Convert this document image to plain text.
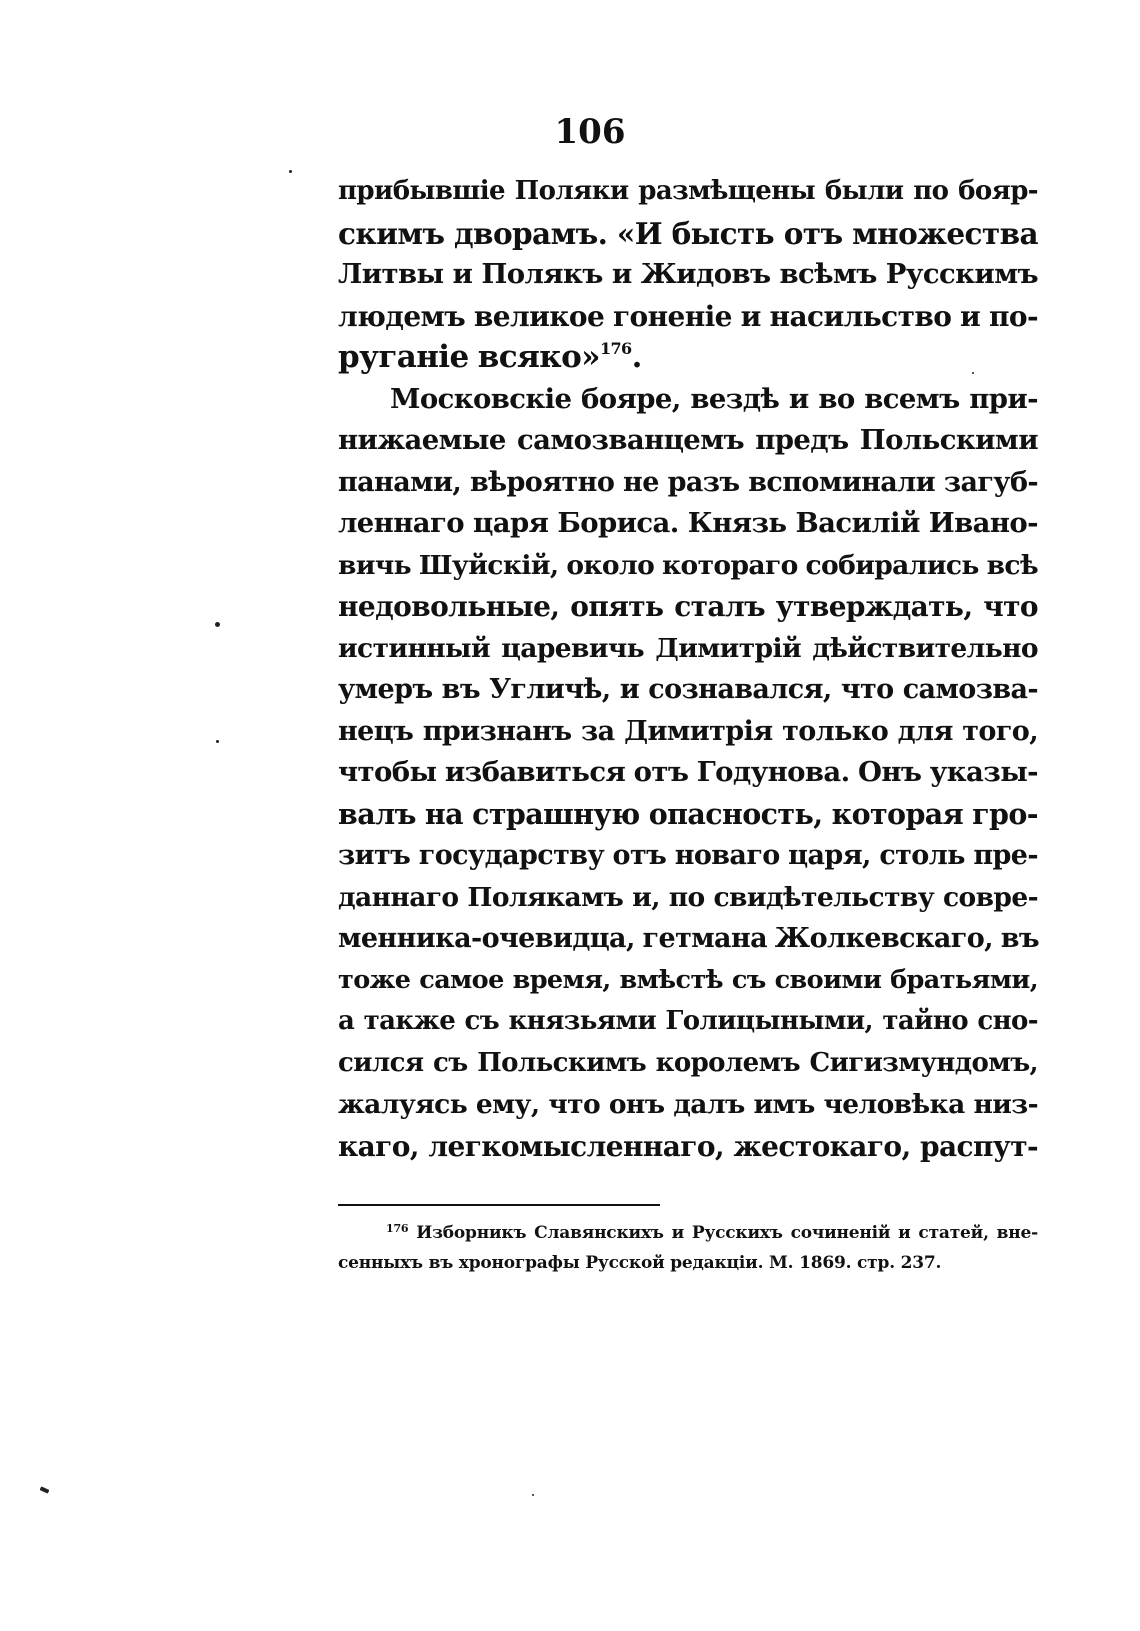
106
прибывшіе Поляки размѣщены были по бояр-
скимъ дворамъ. «И бысть отъ множества
Литвы и Полякъ и Жидовъ всѣмъ Русскимъ
людемъ великое гоненіе и насильство и по-
руганіе всяко»$^{176}$.
Московскіе бояре, вездѣ и во всемъ при-
нижаемые самозванцемъ предъ Польскими
панами, вѣроятно не разъ вспоминали загуб-
леннаго царя Бориса. Князь Василій Ивано-
вичь Шуйскій, около котораго собирались всѣ
недовольные, опять сталъ утверждать, что
истинный царевичь Димитрій дѣйствительно
умеръ въ Угличѣ, и сознавался, что самозва-
нецъ признанъ за Димитрія только для того,
чтобы избавиться отъ Годунова. Онъ указы-
валъ на страшную опасность, которая гро-
зитъ государству отъ новаго царя, столь пре-
даннаго Полякамъ и, по свидѣтельству совре-
менника-очевидца, гетмана Жолкевскаго, въ
тоже самое время, вмѣстѣ съ своими братьями,
а также съ князьями Голицыными, тайно сно-
сился съ Польскимъ королемъ Сигизмундомъ,
жалуясь ему, что онъ далъ имъ человѣка низ-
каго, легкомысленнаго, жестокаго, распут-
$^{176}$ Изборникъ Славянскихъ и Русскихъ сочиненій и статей, вне-
сенныхъ въ хронографы Русской редакціи. М. 1869. стр. 237.
